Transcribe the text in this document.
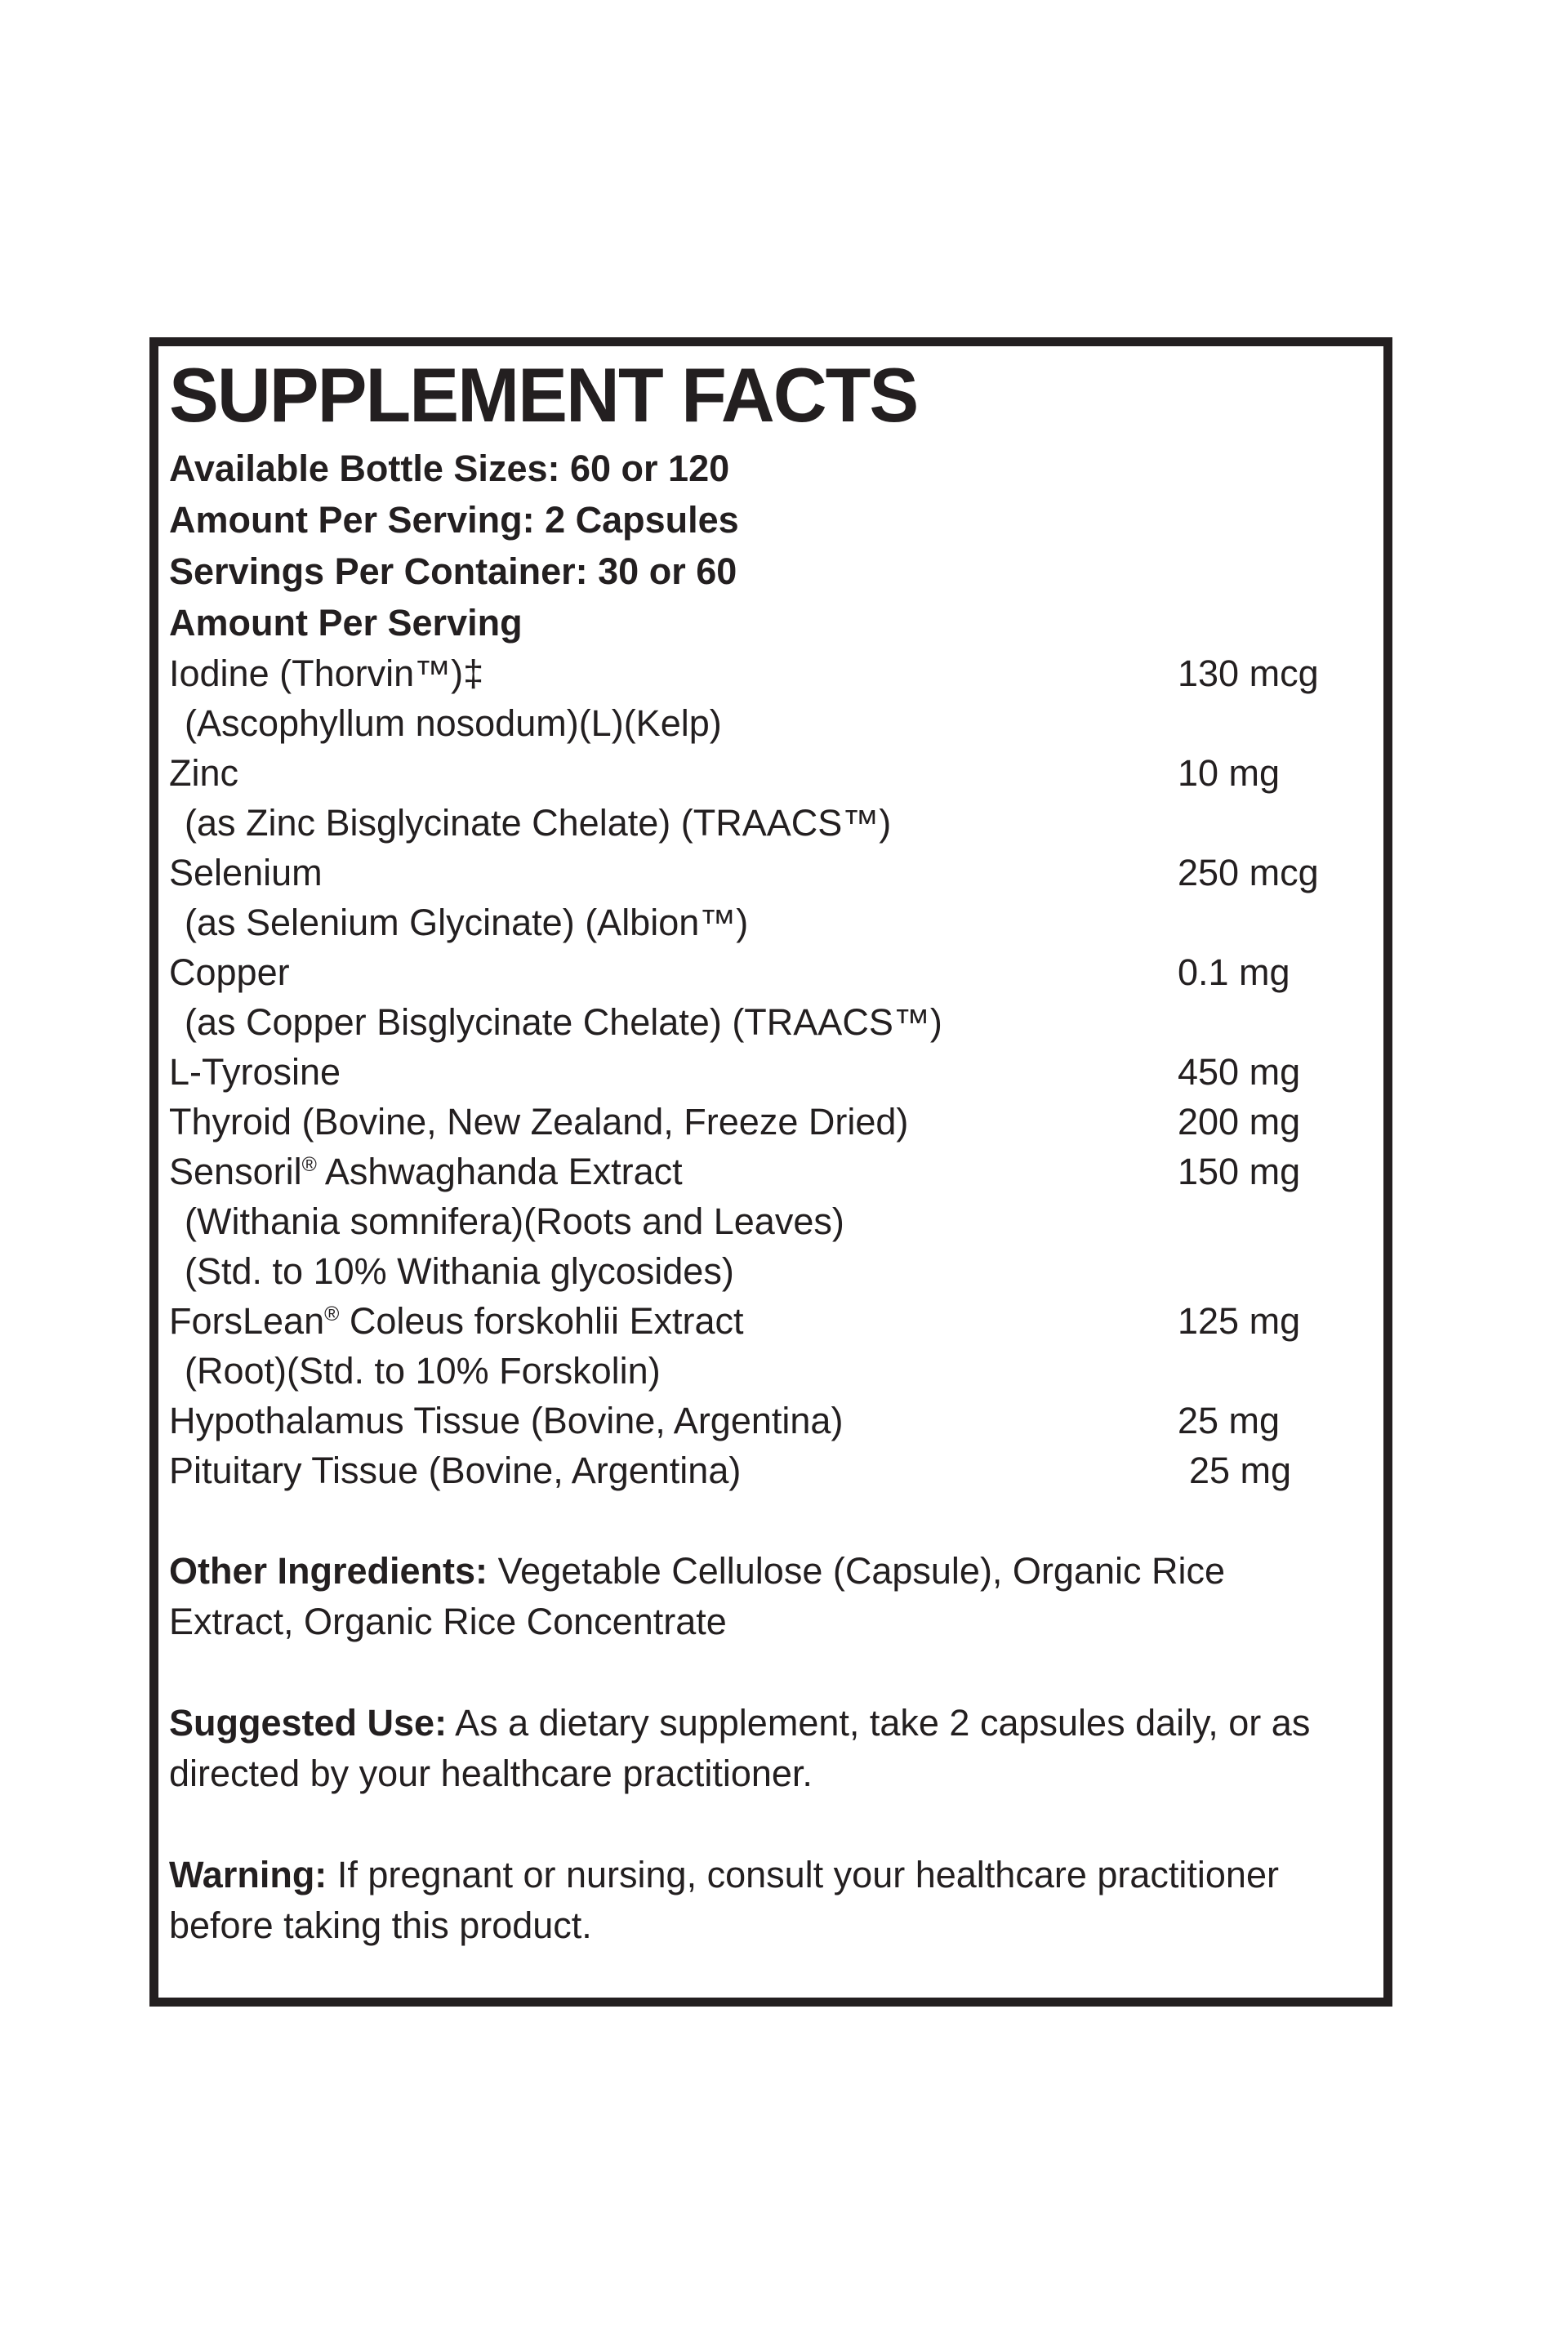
SUPPLEMENT FACTS
Available Bottle Sizes: 60 or 120
Amount Per Serving: 2 Capsules
Servings Per Container: 30 or 60
Amount Per Serving
Iodine (Thorvin™)‡	130 mcg
(Ascophyllum nosodum)(L)(Kelp)
Zinc	10 mg
(as Zinc Bisglycinate Chelate) (TRAACS™)
Selenium	250 mcg
(as Selenium Glycinate) (Albion™)
Copper	0.1 mg
(as Copper Bisglycinate Chelate) (TRAACS™)
L-Tyrosine	450 mg
Thyroid (Bovine, New Zealand, Freeze Dried)	200 mg
Sensoril® Ashwaghanda Extract	150 mg
(Withania somnifera)(Roots and Leaves)
(Std. to 10% Withania glycosides)
ForsLean® Coleus forskohlii Extract	125 mg
(Root)(Std. to 10% Forskolin)
Hypothalamus Tissue (Bovine, Argentina)	25 mg
Pituitary Tissue (Bovine, Argentina)	25 mg

Other Ingredients: Vegetable Cellulose (Capsule), Organic Rice Extract, Organic Rice Concentrate

Suggested Use: As a dietary supplement, take 2 capsules daily, or as directed by your healthcare practitioner.

Warning: If pregnant or nursing, consult your healthcare practitioner before taking this product.
